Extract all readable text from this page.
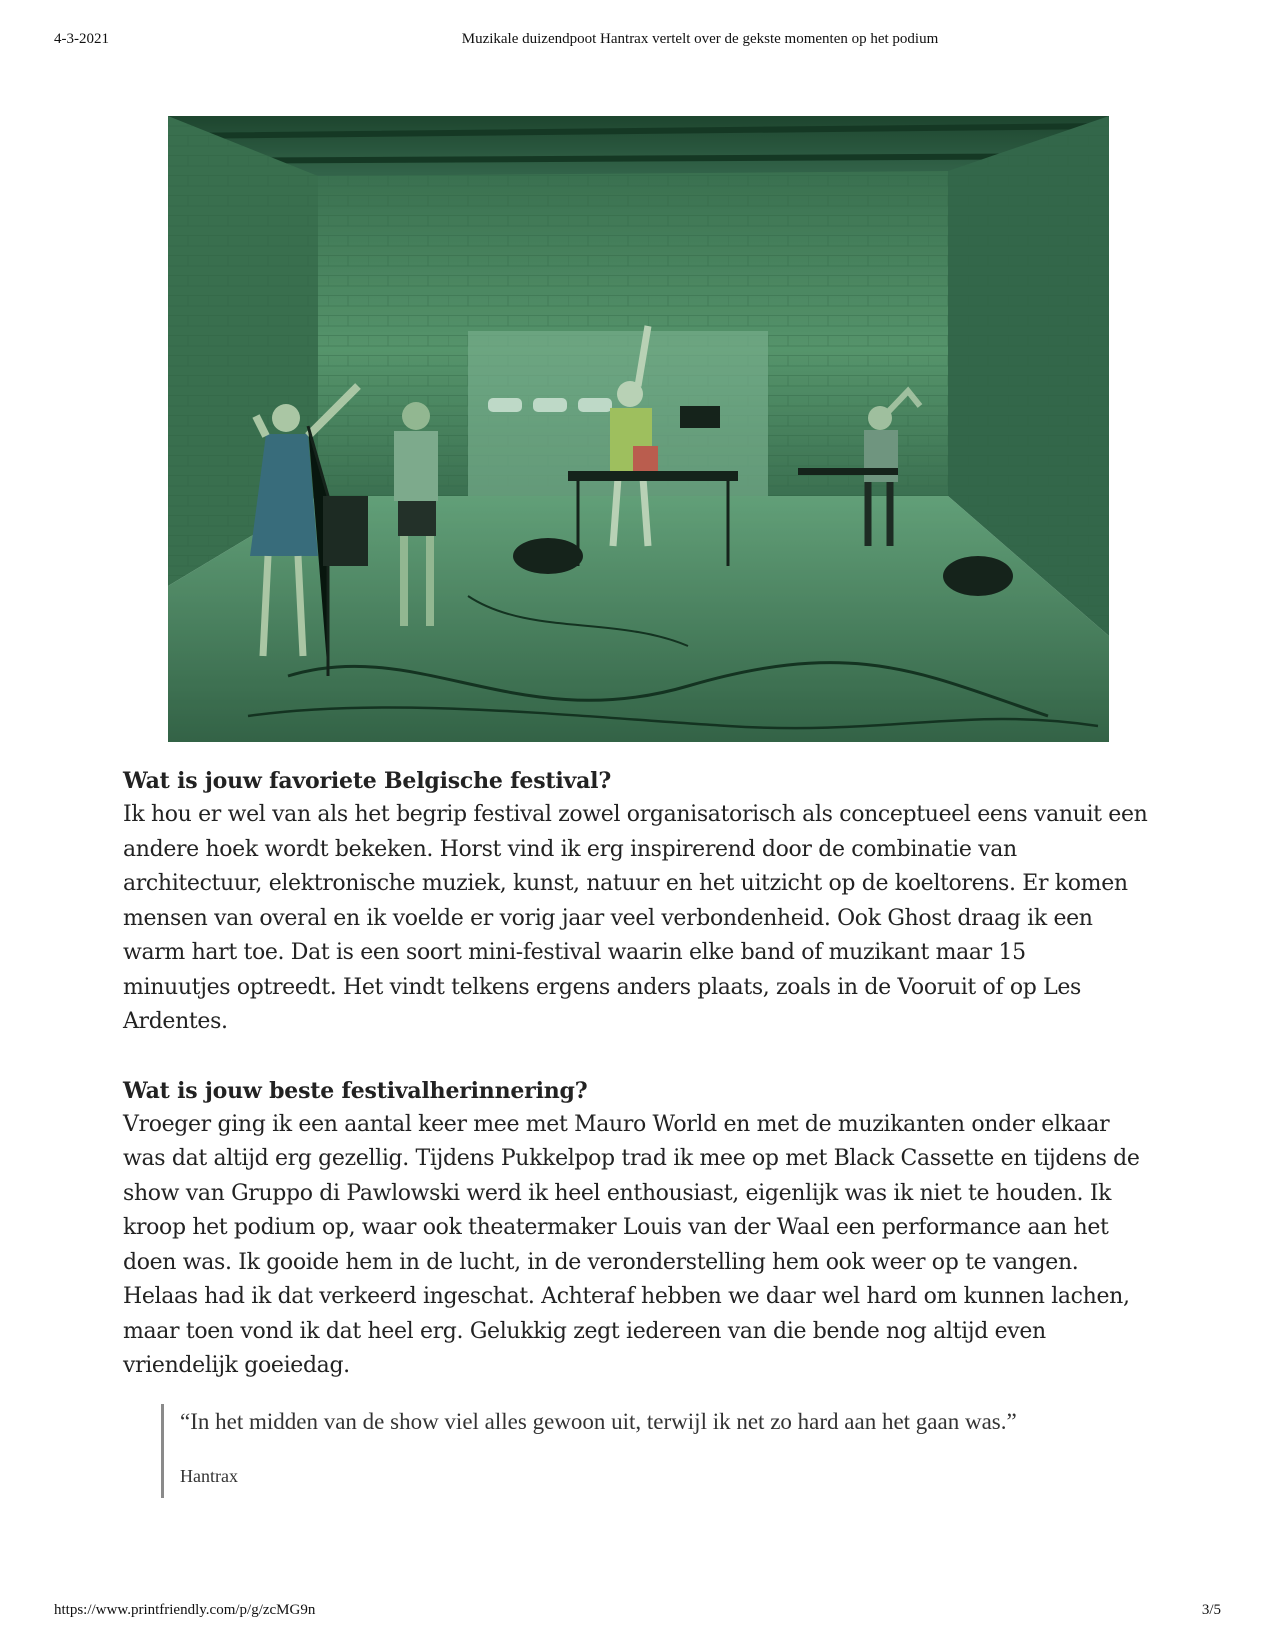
4-3-2021	Muzikale duizendpoot Hantrax vertelt over de gekste momenten op het podium
Wat is jouw favoriete Belgische festival?

Ik hou er wel van als het begrip festival zowel organisatorisch als conceptueel eens vanuit een
andere hoek wordt bekeken. Horst vind ik erg inspirerend door de combinatie van
architectuur, elektronische muziek, kunst, natuur en het uitzicht op de koeltorens. Er komen
mensen van overal en ik voelde er vorig jaar veel verbondenheid. Ook Ghost draag ik een
warm hart toe. Dat is een soort mini-festival waarin elke band of muzikant maar 15
minuutjes optreedt. Het vindt telkens ergens anders plaats, zoals in de Vooruit of op Les
Ardentes.

Wat is jouw beste festivalherinnering?

Vroeger ging ik een aantal keer mee met Mauro World en met de muzikanten onder elkaar
was dat altijd erg gezellig. Tijdens Pukkelpop trad ik mee op met Black Cassette en tijdens de
show van Gruppo di Pawlowski werd ik heel enthousiast, eigenlijk was ik niet te houden. Ik
kroop het podium op, waar ook theatermaker Louis van der Waal een performance aan het
doen was. Ik gooide hem in de lucht, in de veronderstelling hem ook weer op te vangen.
Helaas had ik dat verkeerd ingeschat. Achteraf hebben we daar wel hard om kunnen lachen,
maar toen vond ik dat heel erg. Gelukkig zegt iedereen van die bende nog altijd even
vriendelijk goeiedag.

“In het midden van de show viel alles gewoon uit, terwijl ik net zo hard aan het gaan was.”
Hantrax
https://www.printfriendly.com/p/g/zcMG9n	3/5
